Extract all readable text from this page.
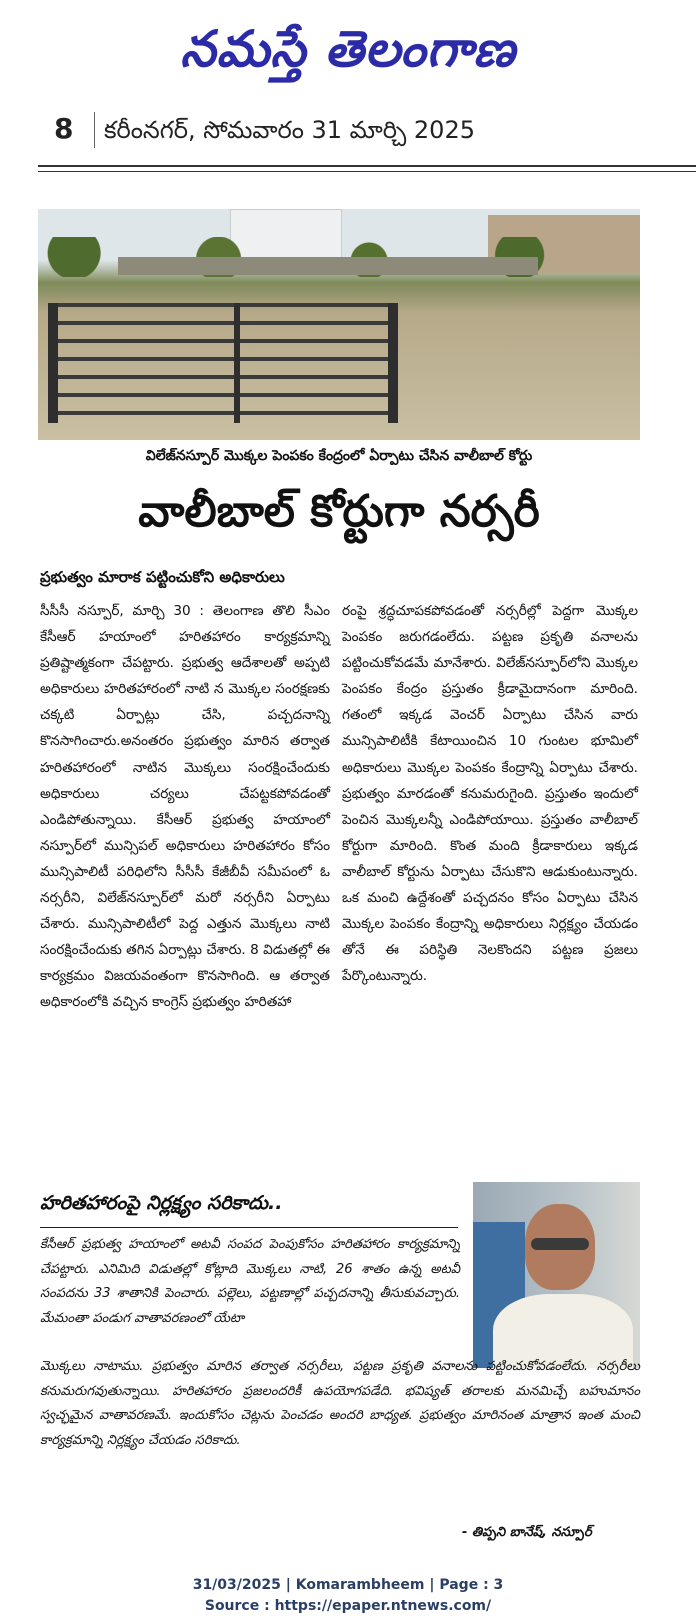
నమస్తే తెలంగాణ
8 కరీంనగర్, సోమవారం 31 మార్చి 2025
విలేజ్‌నస్పూర్ మొక్కల పెంపకం కేంద్రంలో ఏర్పాటు చేసిన వాలీబాల్ కోర్టు
వాలీబాల్ కోర్టుగా నర్సరీ
ప్రభుత్వం మారాక పట్టించుకోని అధికారులు
సీసీసీ నస్పూర్, మార్చి 30 : తెలంగాణ తొలి సీఎం కేసీఆర్ హయాంలో హరితహారం కార్యక్రమాన్ని ప్రతిష్టాత్మకంగా చేపట్టారు. ప్రభుత్వ ఆదేశాలతో అప్పటి అధికారులు హరితహారంలో నాటి న మొక్కల సంరక్షణకు చక్కటి ఏర్పాట్లు చేసి, పచ్చదనాన్ని కొనసాగించారు.అనంతరం ప్రభుత్వం మారిన తర్వాత హరితహారంలో నాటిన మొక్కలు సంరక్షించేందుకు అధికారులు చర్యలు చేపట్టకపోవడంతో ఎండిపోతున్నాయి. కేసీఆర్ ప్రభుత్వ హయాంలో నస్పూర్‌లో మున్సిపల్ అధికారులు హరితహారం కోసం మున్సిపాలిటీ పరిధిలోని సీసీసీ కేజీబీవీ సమీపంలో ఓ నర్సరీని, విలేజ్‌నస్పూర్‌లో మరో నర్సరీని ఏర్పాటు చేశారు. మున్సిపాలిటీలో పెద్ద ఎత్తున మొక్కలు నాటి సంరక్షించేందుకు తగిన ఏర్పాట్లు చేశారు. 8 విడుతల్లో ఈ కార్యక్రమం విజయవంతంగా కొనసాగింది. ఆ తర్వాత అధికారంలోకి వచ్చిన కాంగ్రెస్ ప్రభుత్వం హరితహా
రంపై శ్రద్ధచూపకపోవడంతో నర్సరీల్లో పెద్దగా మొక్కల పెంపకం జరుగడంలేదు. పట్టణ ప్రకృతి వనాలను పట్టించుకోవడమే మానేశారు. విలేజ్‌నస్పూర్‌లోని మొక్కల పెంపకం కేంద్రం ప్రస్తుతం క్రీడామైదానంగా మారింది. గతంలో ఇక్కడ వెంచర్ ఏర్పాటు చేసిన వారు మున్సిపాలిటీకి కేటాయించిన 10 గుంటల భూమిలో అధికారులు మొక్కల పెంపకం కేంద్రాన్ని ఏర్పాటు చేశారు. ప్రభుత్వం మారడంతో కనుమరుగైంది. ప్రస్తుతం ఇందులో పెంచిన మొక్కలన్నీ ఎండిపోయాయి. ప్రస్తుతం వాలీబాల్ కోర్టుగా మారింది. కొంత మంది క్రీడాకారులు ఇక్కడ వాలీబాల్ కోర్టును ఏర్పాటు చేసుకొని ఆడుకుంటున్నారు. ఒక మంచి ఉద్దేశంతో పచ్చదనం కోసం ఏర్పాటు చేసిన మొక్కల పెంపకం కేంద్రాన్ని అధికారులు నిర్లక్ష్యం చేయడం తోనే ఈ పరిస్థితి నెలకొందని పట్టణ ప్రజలు పేర్కొంటున్నారు.
హరితహారంపై నిర్లక్ష్యం సరికాదు..
కేసీఆర్ ప్రభుత్వ హయాంలో అటవీ సంపద పెంపుకోసం హరితహారం కార్యక్రమాన్ని చేపట్టారు. ఎనిమిది విడుతల్లో కోట్లాది మొక్కలు నాటి, 26 శాతం ఉన్న అటవీ సంపదను 33 శాతానికి పెంచారు. పల్లెలు, పట్టణాల్లో పచ్చదనాన్ని తీసుకువచ్చారు. మేమంతా పండుగ వాతావరణంలో యేటా
మొక్కలు నాటాము. ప్రభుత్వం మారిన తర్వాత నర్సరీలు, పట్టణ ప్రకృతి వనాలను పట్టించుకోవడంలేదు. నర్సరీలు కనుమరుగవుతున్నాయి. హరితహారం ప్రజలందరికీ ఉపయోగపడేది. భవిష్యత్ తరాలకు మనమిచ్చే బహుమానం స్వచ్ఛమైన వాతావరణమే. ఇందుకోసం చెట్లను పెంచడం అందరి బాధ్యత. ప్రభుత్వం మారినంత మాత్రాన ఇంత మంచి కార్యక్రమాన్ని నిర్లక్ష్యం చేయడం సరికాదు.
- తిప్పని బానేష్, నస్పూర్
31/03/2025 | Komarambheem | Page : 3
Source : https://epaper.ntnews.com/
